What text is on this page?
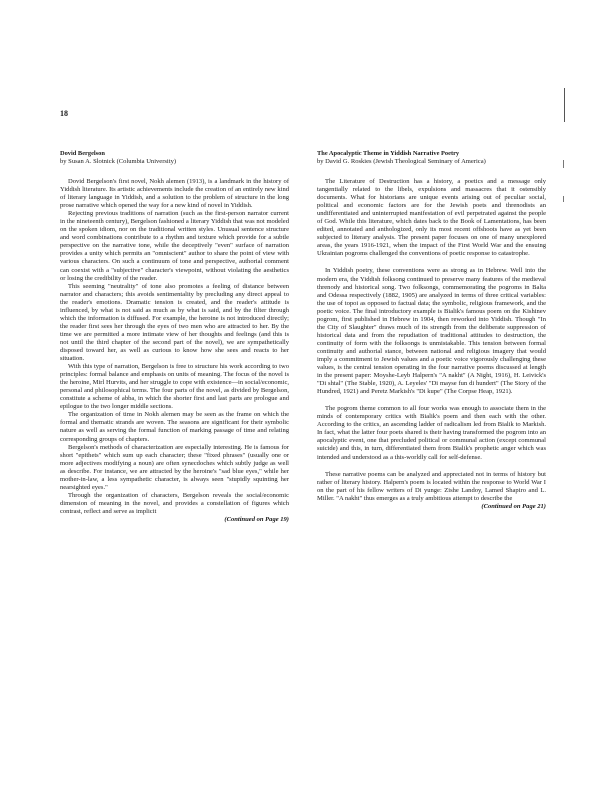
18

Dovid Bergelson

by Susan A. Slotnick (Columbia University)

Dovid Bergelson's first novel, Nokh alemen (1913), is a landmark in the history of Yiddish literature. Its artistic achievements include the creation of an entirely new kind of literary language in Yiddish, and a solution to the problem of structure in the long prose narrative which opened the way for a new kind of novel in Yiddish.

Rejecting previous traditions of narration (such as the first-person narrator current in the nineteenth century), Bergelson fashioned a literary Yiddish that was not modeled on the spoken idiom, nor on the traditional written styles. Unusual sentence structure and word combinations contribute to a rhythm and texture which provide for a subtle perspective on the narrative tone, while the deceptively "even" surface of narration provides a unity which permits an "omniscient" author to share the point of view with various characters. On such a continuum of tone and perspective, authorial comment can coexist with a "subjective" character's viewpoint, without violating the aesthetics or losing the credibility of the reader.

This seeming "neutrality" of tone also promotes a feeling of distance between narrator and characters; this avoids sentimentality by precluding any direct appeal to the reader's emotions. Dramatic tension is created, and the reader's attitude is influenced, by what is not said as much as by what is said, and by the filter through which the information is diffused. For example, the heroine is not introduced directly; the reader first sees her through the eyes of two men who are attracted to her. By the time we are permitted a more intimate view of her thoughts and feelings (and this is not until the third chapter of the second part of the novel), we are sympathetically disposed toward her, as well as curious to know how she sees and reacts to her situation.

With this type of narration, Bergelson is free to structure his work according to two principles: formal balance and emphasis on units of meaning. The focus of the novel is the heroine, Mirl Hurvits, and her struggle to cope with existence—in social/economic, personal and philosophical terms. The four parts of the novel, as divided by Bergelson, constitute a scheme of abba, in which the shorter first and last parts are prologue and epilogue to the two longer middle sections.

The organization of time in Nokh alemen may be seen as the frame on which the formal and thematic strands are woven. The seasons are significant for their symbolic nature as well as serving the formal function of marking passage of time and relating corresponding groups of chapters.

Bergelson's methods of characterization are especially interesting. He is famous for short "epithets" which sum up each character; these "fixed phrases" (usually one or more adjectives modifying a noun) are often synecdoches which subtly judge as well as describe. For instance, we are attracted by the heroine's "sad blue eyes," while her mother-in-law, a less sympathetic character, is always seen "stupidly squinting her nearsighted eyes."

Through the organization of characters, Bergelson reveals the social/economic dimension of meaning in the novel, and provides a constellation of figures which contrast, reflect and serve as implicit

(Continued on Page 19)

The Apocalyptic Theme in Yiddish Narrative Poetry

by David G. Roskies (Jewish Theological Seminary of America)

The Literature of Destruction has a history, a poetics and a message only tangentially related to the libels, expulsions and massacres that it ostensibly documents. What for historians are unique events arising out of peculiar social, political and economic factors are for the Jewish poets and threnodists an undifferentiated and uninterrupted manifestation of evil perpetrated against the people of God. While this literature, which dates back to the Book of Lamentations, has been edited, annotated and anthologized, only its most recent offshoots have as yet been subjected to literary analysis. The present paper focuses on one of many unexplored areas, the years 1916-1921, when the impact of the First World War and the ensuing Ukrainian pogroms challenged the conventions of poetic response to catastrophe.

In Yiddish poetry, these conventions were as strong as in Hebrew. Well into the modern era, the Yiddish folksong continued to preserve many features of the medieval threnody and historical song. Two folksongs, commemorating the pogroms in Balta and Odessa respectively (1882, 1905) are analyzed in terms of three critical variables: the use of topoi as opposed to factual data; the symbolic, religious framework, and the poetic voice. The final introductory example is Bialik's famous poem on the Kishinev pogrom, first published in Hebrew in 1904, then reworked into Yiddish. Though "In the City of Slaughter" draws much of its strength from the deliberate suppression of historical data and from the repudiation of traditional attitudes to destruction, the continuity of form with the folksongs is unmistakable. This tension between formal continuity and authorial stance, between national and religious imagery that would imply a commitment to Jewish values and a poetic voice vigorously challenging these values, is the central tension operating in the four narrative poems discussed at length in the present paper: Moyshe-Leyb Halpern's "A nakht" (A Night, 1916), H. Leivick's "Di shtal" (The Stable, 1920), A. Leyeles' "Di mayse fun di hundert" (The Story of the Hundred, 1921) and Peretz Markish's "Di kupe" (The Corpse Heap, 1921).

The pogrom theme common to all four works was enough to associate them in the minds of contemporary critics with Bialik's poem and then each with the other. According to the critics, an ascending ladder of radicalism led from Bialik to Markish. In fact, what the latter four poets shared is their having transformed the pogrom into an apocalyptic event, one that precluded political or communal action (except communal suicide) and this, in turn, differentiated them from Bialik's prophetic anger which was intended and understood as a this-worldly call for self-defense.

These narrative poems can be analyzed and appreciated not in terms of history but rather of literary history. Halpern's poem is located within the response to World War I on the part of his fellow writers of Di yunge: Zishe Landoy, Lamed Shapiro and L. Miller. "A nakht" thus emerges as a truly ambitious attempt to describe the

(Continued on Page 21)
